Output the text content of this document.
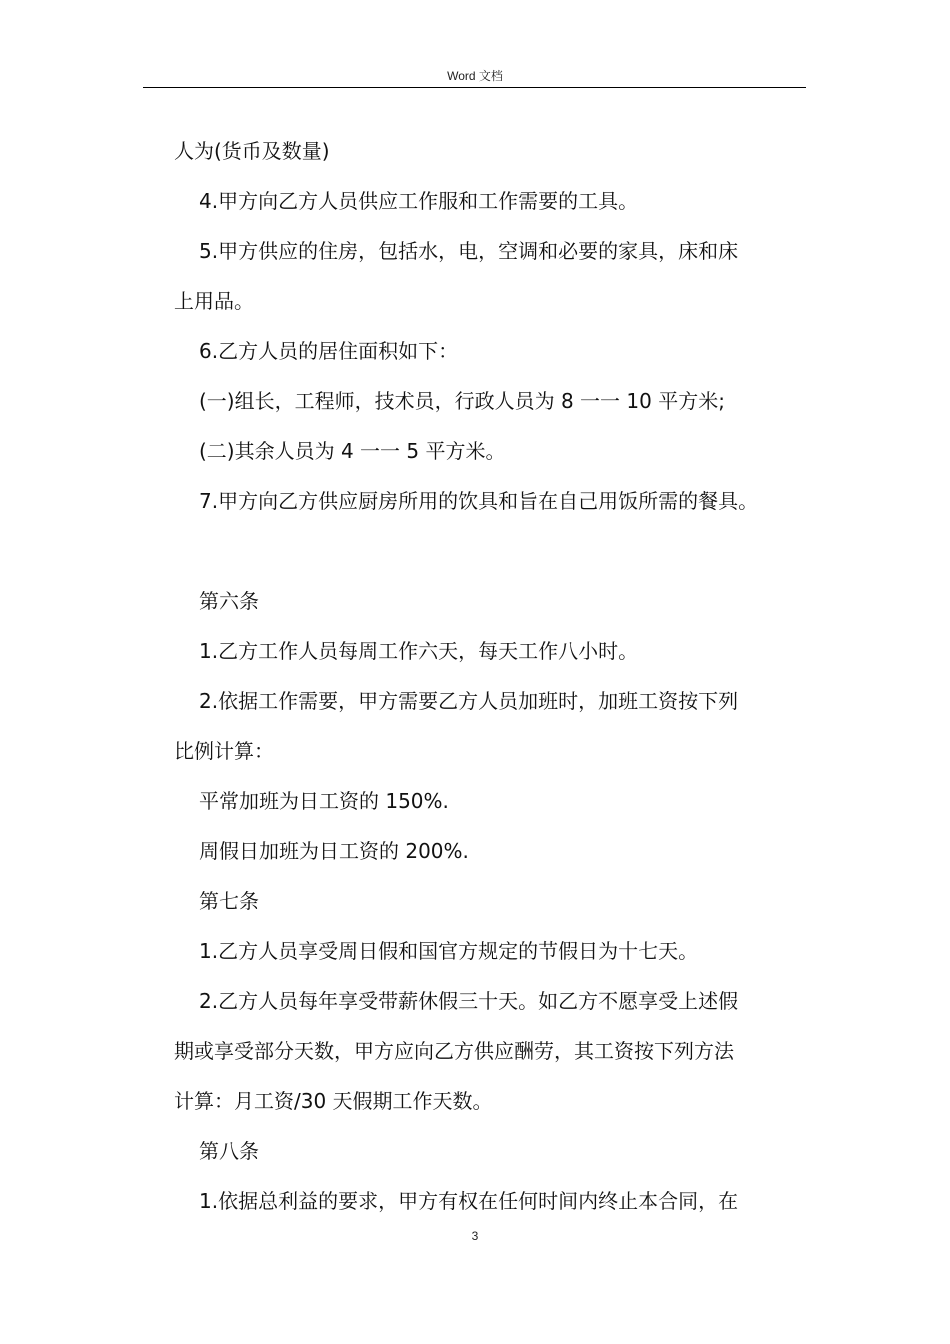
Word 文档

人为(货币及数量)

4.甲方向乙方人员供应工作服和工作需要的工具。

5.甲方供应的住房，包括水，电，空调和必要的家具，床和床

上用品。

6.乙方人员的居住面积如下：

(一)组长，工程师，技术员，行政人员为 8 一一 10 平方米;

(二)其余人员为 4 一一 5 平方米。

7.甲方向乙方供应厨房所用的饮具和旨在自己用饭所需的餐具。

第六条

1.乙方工作人员每周工作六天，每天工作八小时。

2.依据工作需要，甲方需要乙方人员加班时，加班工资按下列

比例计算：

平常加班为日工资的 150%.

周假日加班为日工资的 200%.

第七条

1.乙方人员享受周日假和国官方规定的节假日为十七天。

2.乙方人员每年享受带薪休假三十天。如乙方不愿享受上述假

期或享受部分天数，甲方应向乙方供应酬劳，其工资按下列方法

计算：月工资/30 天假期工作天数。

第八条

1.依据总利益的要求，甲方有权在任何时间内终止本合同，在

3
